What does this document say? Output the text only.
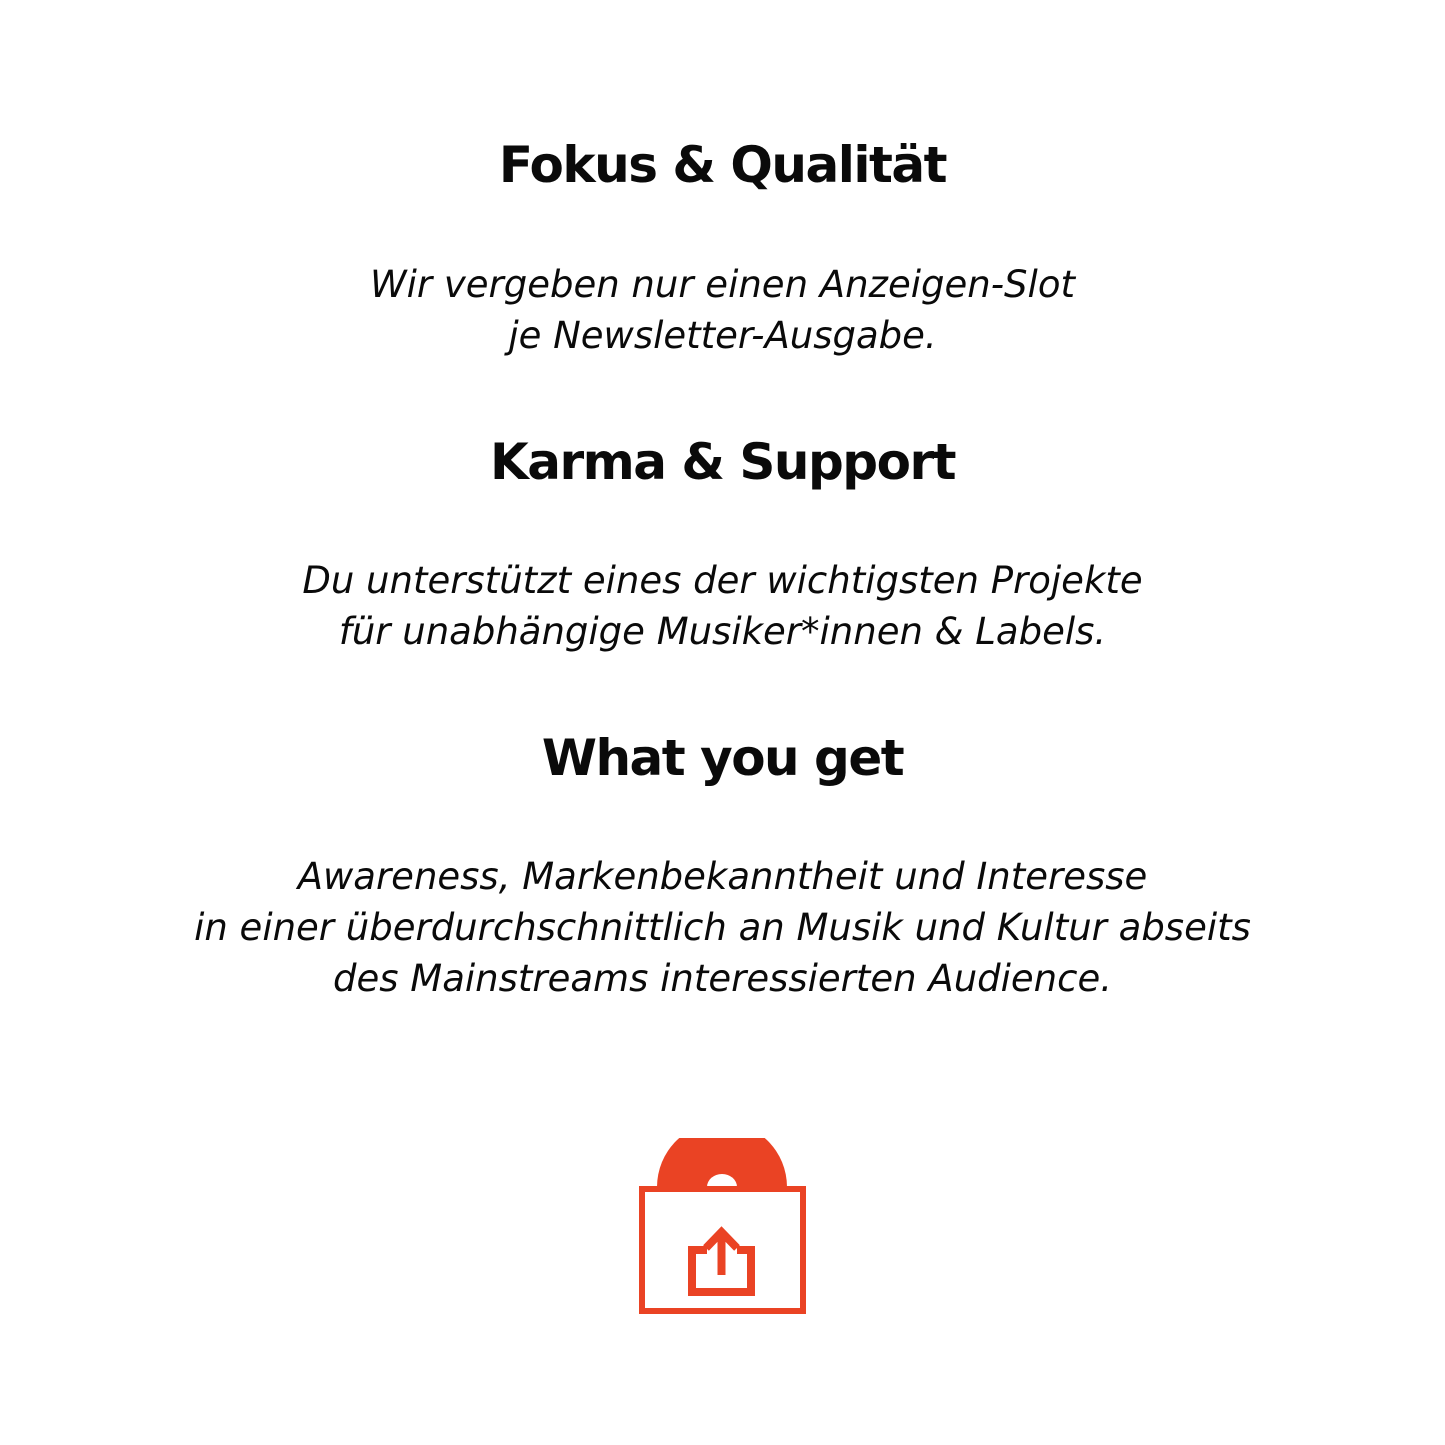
Fokus & Qualität

Wir vergeben nur einen Anzeigen-Slot
je Newsletter-Ausgabe.

Karma & Support

Du unterstützt eines der wichtigsten Projekte
für unabhängige Musiker*innen & Labels.

What you get

Awareness, Markenbekanntheit und Interesse
in einer überdurchschnittlich an Musik und Kultur abseits
des Mainstreams interessierten Audience.
